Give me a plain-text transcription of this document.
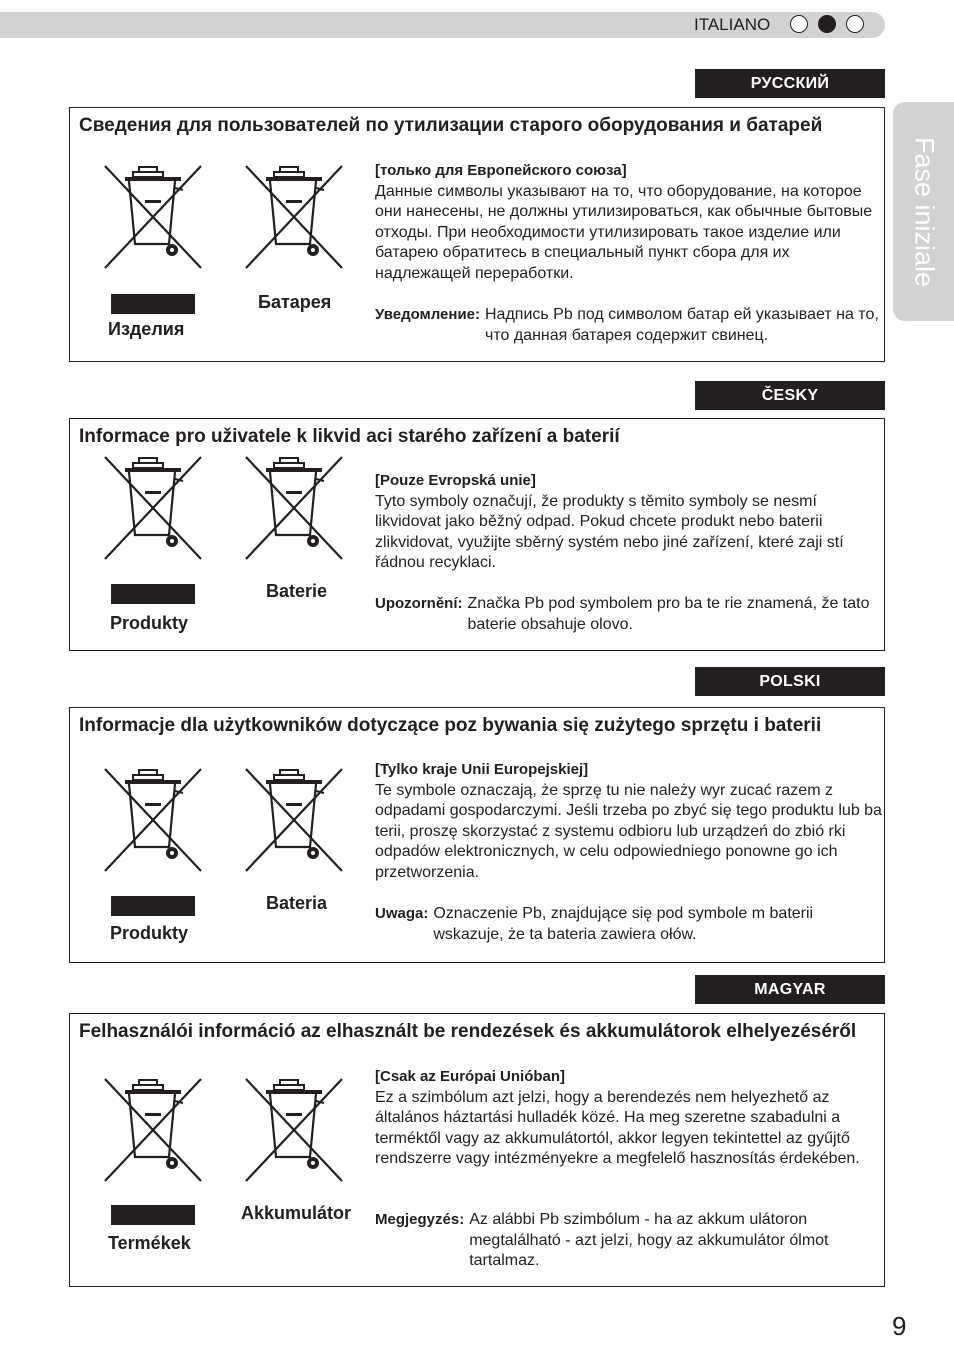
ITALIANO
Fase iniziale
РУССКИЙ
Сведения для пользователей по утилизации старого оборудования и батарей
Изделия
Батарея
[только для Европейского союза]
Данные символы указывают на то, что оборудование, на которое они нанесены, не должны утилизироваться, как обычные бытовые отходы. При необходимости утилизировать такое изделие или батарею обратитесь в специальный пункт сбора для их надлежащей переработки.
Уведомление: Надпись Pb под символом батар ей указывает на то, что данная батарея содержит свинец.
ČESKY
Informace pro uživatele k likvid aci starého zařízení a baterií
Produkty
Baterie
[Pouze Evropská unie]
Tyto symboly označují, že produkty s těmito symboly se nesmí likvidovat jako běžný odpad. Pokud chcete produkt nebo baterii zlikvidovat, využijte sběrný systém nebo jiné zařízení, které zaji stí řádnou recyklaci.
Upozornění: Značka Pb pod symbolem pro ba te rie znamená, že tato baterie obsahuje olovo.
POLSKI
Informacje dla użytkowników dotyczące poz bywania się zużytego sprzętu i baterii
Produkty
Bateria
[Tylko kraje Unii Europejskiej]
Te symbole oznaczają, że sprzę tu nie należy wyr zucać razem z odpadami gospodarczymi. Jeśli trzeba po zbyć się tego produktu lub ba terii, proszę skorzystać z systemu odbioru lub urządzeń do zbió rki odpadów elektronicznych, w celu odpowiedniego ponowne go ich przetworzenia.
Uwaga: Oznaczenie Pb, znajdujące się pod symbole m baterii wskazuje, że ta bateria zawiera ołów.
MAGYAR
Felhasználói információ az elhasznált be rendezések és akkumulátorok elhelyezéséről
Termékek
Akkumulátor
[Csak az Európai Unióban]
Ez a szimbólum azt jelzi, hogy a berendezés nem helyezhető az általános háztartási hulladék közé. Ha meg szeretne szabadulni a terméktől vagy az akkumulátortól, akkor legyen tekintettel az gyűjtő rendszerre vagy intézményekre a megfelelő hasznosítás érdekében.
Megjegyzés: Az alábbi Pb szimbólum - ha az akkum ulátoron megtalálható - azt jelzi, hogy az akkumulátor ólmot tartalmaz.
9
